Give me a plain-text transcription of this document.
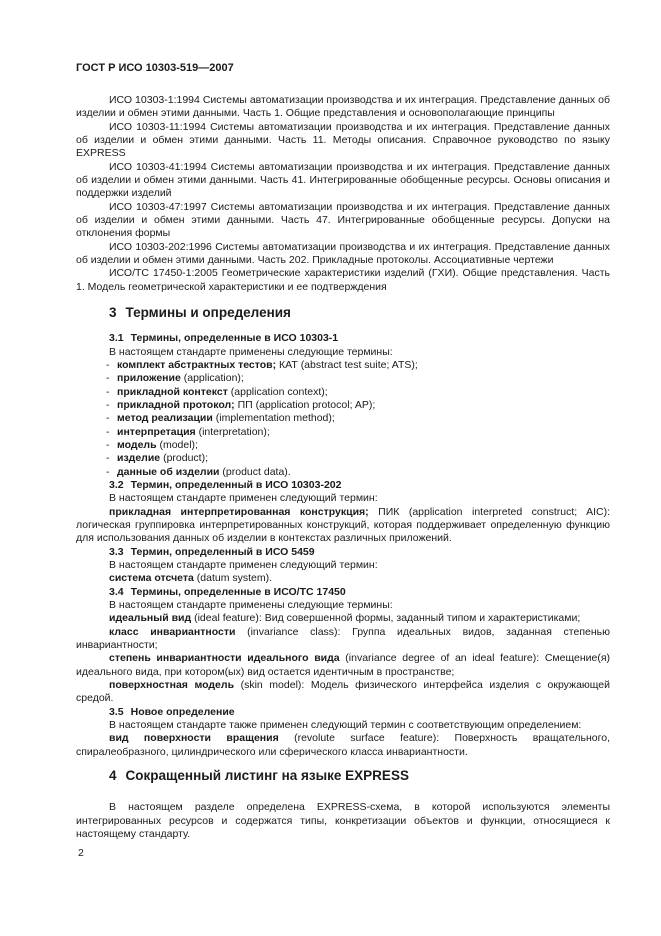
ГОСТ Р ИСО 10303-519—2007

ИСО 10303-1:1994 Системы автоматизации производства и их интеграция. Представление данных об изделии и обмен этими данными. Часть 1. Общие представления и основополагающие принципы

ИСО 10303-11:1994 Системы автоматизации производства и их интеграция. Представление данных об изделии и обмен этими данными. Часть 11. Методы описания. Справочное руководство по языку EXPRESS

ИСО 10303-41:1994 Системы автоматизации производства и их интеграция. Представление данных об изделии и обмен этими данными. Часть 41. Интегрированные обобщенные ресурсы. Основы описания и поддержки изделий

ИСО 10303-47:1997 Системы автоматизации производства и их интеграция. Представление данных об изделии и обмен этими данными. Часть 47. Интегрированные обобщенные ресурсы. Допуски на отклонения формы

ИСО 10303-202:1996 Системы автоматизации производства и их интеграция. Представление данных об изделии и обмен этими данными. Часть 202. Прикладные протоколы. Ассоциативные чертежи

ИСО/ТС 17450-1:2005 Геометрические характеристики изделий (ГХИ). Общие представления. Часть 1. Модель геометрической характеристики и ее подтверждения

3 Термины и определения
3.1 Термины, определенные в ИСО 10303-1

В настоящем стандарте применены следующие термины:

- комплект абстрактных тестов; КАТ (abstract test suite; ATS);
- приложение (application);
- прикладной контекст (application context);
- прикладной протокол; ПП (application protocol; AP);
- метод реализации (implementation method);
- интерпретация (interpretation);
- модель (model);
- изделие (product);
- данные об изделии (product data).
3.2 Термин, определенный в ИСО 10303-202

В настоящем стандарте применен следующий термин:

прикладная интерпретированная конструкция; ПИК (application interpreted construct; AIC): логическая группировка интерпретированных конструкций, которая поддерживает определенную функцию для использования данных об изделии в контекстах различных приложений.

3.3 Термин, определенный в ИСО 5459

В настоящем стандарте применен следующий термин:

система отсчета (datum system).

3.4 Термины, определенные в ИСО/ТС 17450

В настоящем стандарте применены следующие термины:

идеальный вид (ideal feature): Вид совершенной формы, заданный типом и характеристиками;

класс инвариантности (invariance class): Группа идеальных видов, заданная степенью инвариантности;

степень инвариантности идеального вида (invariance degree of an ideal feature): Смещение(я) идеального вида, при котором(ых) вид остается идентичным в пространстве;

поверхностная модель (skin model): Модель физического интерфейса изделия с окружающей средой.

3.5 Новое определение

В настоящем стандарте также применен следующий термин с соответствующим определением:

вид поверхности вращения (revolute surface feature): Поверхность вращательного, спиралеобразного, цилиндрического или сферического класса инвариантности.

4 Сокращенный листинг на языке EXPRESS

В настоящем разделе определена EXPRESS-схема, в которой используются элементы интегрированных ресурсов и содержатся типы, конкретизации объектов и функции, относящиеся к настоящему стандарту.

2
